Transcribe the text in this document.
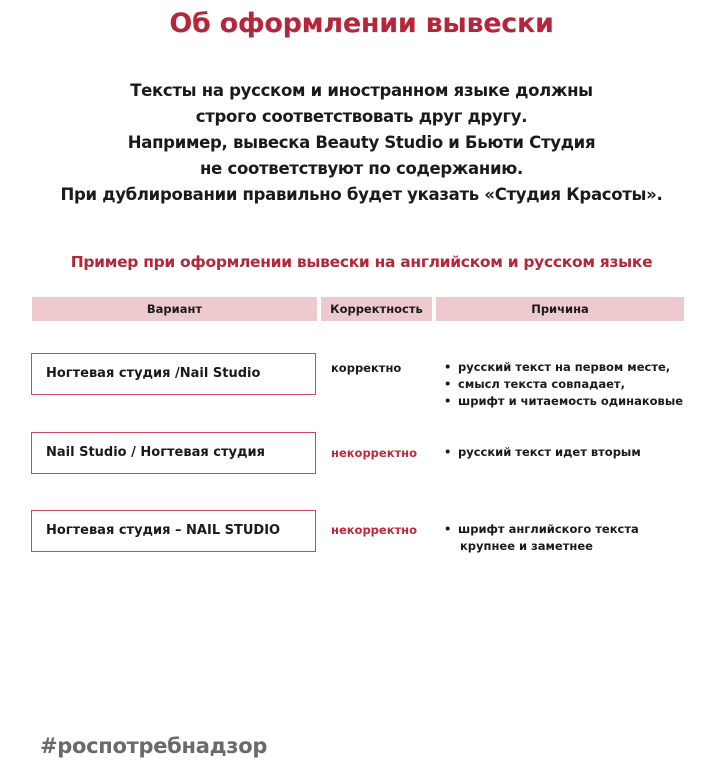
Об оформлении вывески
Тексты на русском и иностранном языке должны
строго соответствовать друг другу.
Например, вывеска Beauty Studio и Бьюти Студия
не соответствуют по содержанию.
При дублировании правильно будет указать «Студия Красоты».
Пример при оформлении вывески на английском и русском языке
Вариант	Корректность	Причина
Ногтевая студия /Nail Studio	корректно	• русский текст на первом месте,
• смысл текста совпадает,
• шрифт и читаемость одинаковые
Nail Studio / Ногтевая студия	некорректно	• русский текст идет вторым
Ногтевая студия – NAIL STUDIO	некорректно	• шрифт английского текста
крупнее и заметнее
#роспотребнадзор
